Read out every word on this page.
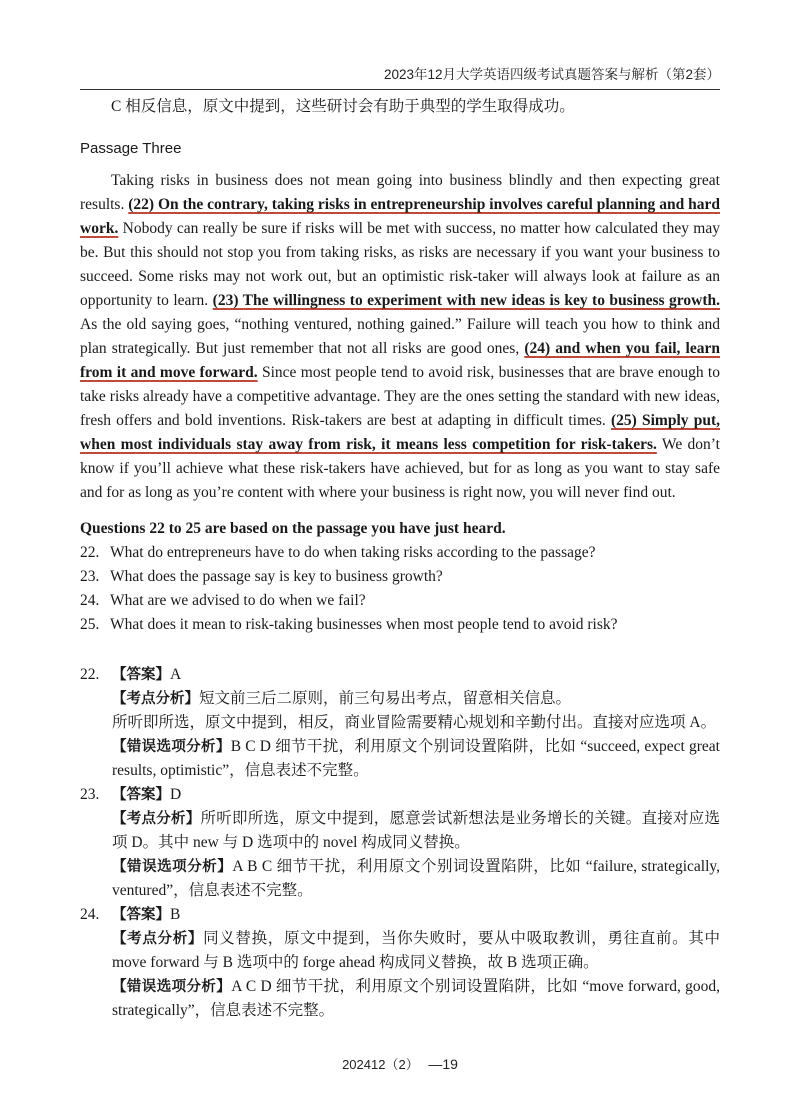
2023年12月大学英语四级考试真题答案与解析（第2套）

C 相反信息，原文中提到，这些研讨会有助于典型的学生取得成功。

Passage Three

Taking risks in business does not mean going into business blindly and then expecting great results. (22) On the contrary, taking risks in entrepreneurship involves careful planning and hard work. Nobody can really be sure if risks will be met with success, no matter how calculated they may be. But this should not stop you from taking risks, as risks are necessary if you want your business to succeed. Some risks may not work out, but an optimistic risk-taker will always look at failure as an opportunity to learn. (23) The willingness to experiment with new ideas is key to business growth. As the old saying goes, “nothing ventured, nothing gained.” Failure will teach you how to think and plan strategically. But just remember that not all risks are good ones, (24) and when you fail, learn from it and move forward. Since most people tend to avoid risk, businesses that are brave enough to take risks already have a competitive advantage. They are the ones setting the standard with new ideas, fresh offers and bold inventions. Risk-takers are best at adapting in difficult times. (25) Simply put, when most individuals stay away from risk, it means less competition for risk-takers. We don’t know if you’ll achieve what these risk-takers have achieved, but for as long as you want to stay safe and for as long as you’re content with where your business is right now, you will never find out.

Questions 22 to 25 are based on the passage you have just heard.

22. What do entrepreneurs have to do when taking risks according to the passage?
23. What does the passage say is key to business growth?
24. What are we advised to do when we fail?
25. What does it mean to risk-taking businesses when most people tend to avoid risk?
22. 【答案】A

【考点分析】短文前三后二原则，前三句易出考点，留意相关信息。

所听即所选，原文中提到，相反，商业冒险需要精心规划和辛勤付出。直接对应选项 A。

【错误选项分析】B C D 细节干扰，利用原文个别词设置陷阱，比如 “succeed, expect great results, optimistic”，信息表述不完整。

23. 【答案】D

【考点分析】所听即所选，原文中提到，愿意尝试新想法是业务增长的关键。直接对应选项 D。其中 new 与 D 选项中的 novel 构成同义替换。

【错误选项分析】A B C 细节干扰，利用原文个别词设置陷阱，比如 “failure, strategically, ventured”，信息表述不完整。

24. 【答案】B

【考点分析】同义替换，原文中提到，当你失败时，要从中吸取教训，勇往直前。其中 move forward 与 B 选项中的 forge ahead 构成同义替换，故 B 选项正确。

【错误选项分析】A C D 细节干扰，利用原文个别词设置陷阱，比如 “move forward, good, strategically”，信息表述不完整。

202412（2） —19
